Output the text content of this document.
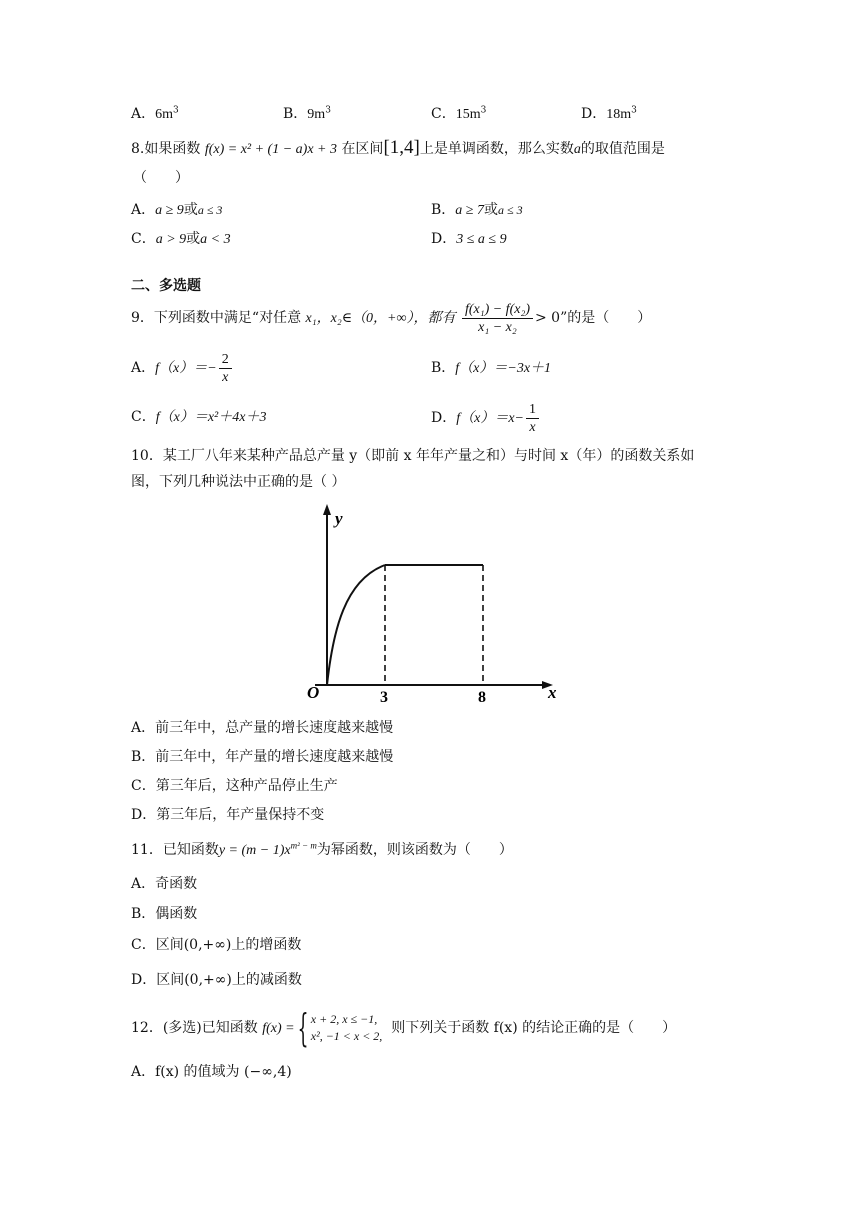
A．$6m^3$	B．$9m^3$	C．$15m^3$	D．$18m^3$
8.如果函数 f(x) = x² + (1 − a)x + 3 在区间[1,4]上是单调函数，那么实数a的取值范围是
（　　）
A．a ≥ 9或a ≤ 3	B．a ≥ 7或a ≤ 3
C．a > 9或a < 3	D．3 ≤ a ≤ 9
二、多选题
9．下列函数中满足“对任意 x₁，x₂∈（0，+∞），都有 $\frac{\text{f(x₁) − f(x₂)}}{\text{x₁ − x₂}} > 0$”的是（　　）
A．$f(x)=- \frac{2}{x}$	B．f（x）＝−3x＋1
C．f（x）＝x²＋4x＋3	D．$f(x)=x- \frac{1}{x}$
10．某工厂八年来某种产品总产量 y（即前 x 年年产量之和）与时间 x（年）的函数关系如
图，下列几种说法中正确的是（ ）
y
x
O	3	8
A．前三年中，总产量的增长速度越来越慢
B．前三年中，年产量的增长速度越来越慢
C．第三年后，这种产品停止生产
D．第三年后，年产量保持不变
11．已知函数$y = (m - 1)x^{m^2 - m}$为幂函数，则该函数为（　　）
A．奇函数
B．偶函数
C．区间(0,+∞)上的增函数
D．区间(0,+∞)上的减函数
12．(多选)已知函数 f(x) ={ x + 2, x ≤ −1,
x², −1 < x < 2, 则下列关于函数 f(x) 的结论正确的是（　　）
A．f(x) 的值域为 (−∞,4)
